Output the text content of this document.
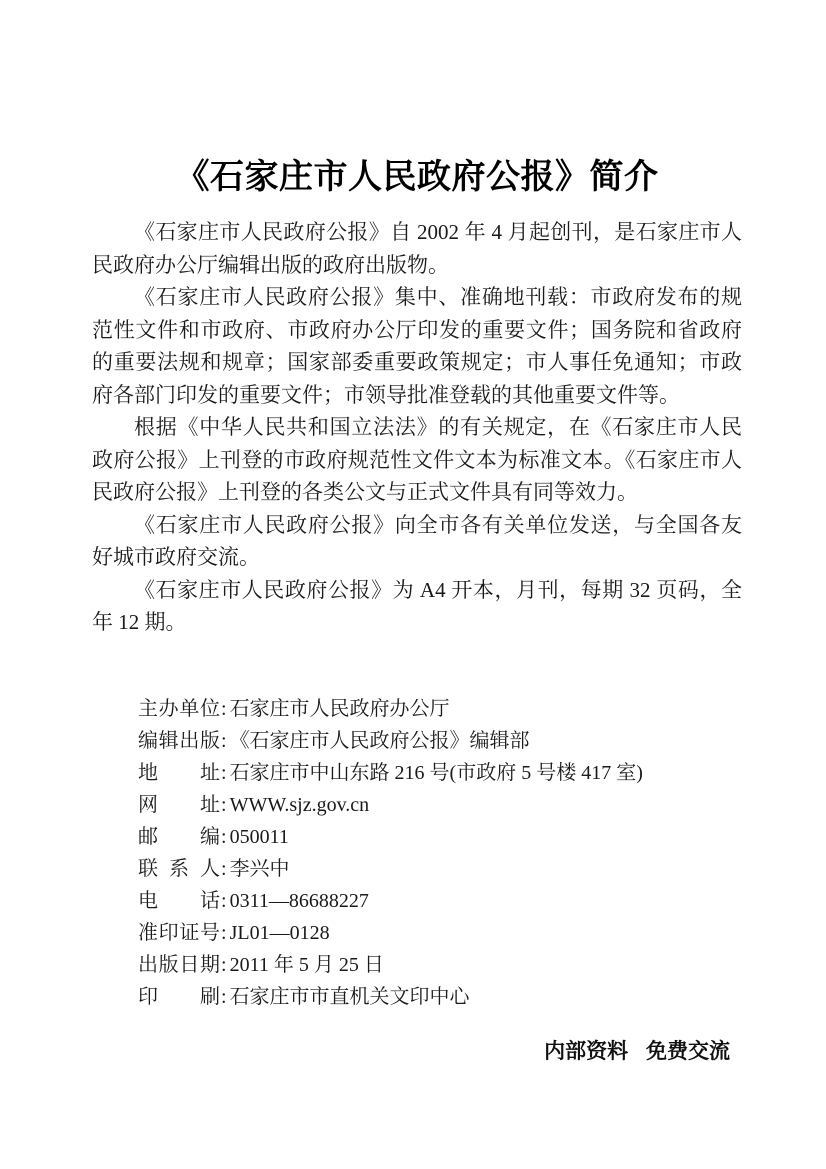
《石家庄市人民政府公报》简介

《石家庄市人民政府公报》自 2002 年 4 月起创刊，是石家庄市人民政府办公厅编辑出版的政府出版物。

《石家庄市人民政府公报》集中、准确地刊载：市政府发布的规范性文件和市政府、市政府办公厅印发的重要文件；国务院和省政府的重要法规和规章；国家部委重要政策规定；市人事任免通知；市政府各部门印发的重要文件；市领导批准登载的其他重要文件等。

根据《中华人民共和国立法法》的有关规定，在《石家庄市人民政府公报》上刊登的市政府规范性文件文本为标准文本。《石家庄市人民政府公报》上刊登的各类公文与正式文件具有同等效力。

《石家庄市人民政府公报》向全市各有关单位发送，与全国各友好城市政府交流。

《石家庄市人民政府公报》为 A4 开本，月刊，每期 32 页码，全年 12 期。

主办单位: 石家庄市人民政府办公厅
编辑出版: 《石家庄市人民政府公报》编辑部
地址: 石家庄市中山东路 216 号(市政府 5 号楼 417 室)
网址: WWW.sjz.gov.cn
邮编: 050011
联系人: 李兴中
电话: 0311—86688227
准印证号: JL01—0128
出版日期: 2011 年 5 月 25 日
印刷: 石家庄市市直机关文印中心
内部资料 免费交流
